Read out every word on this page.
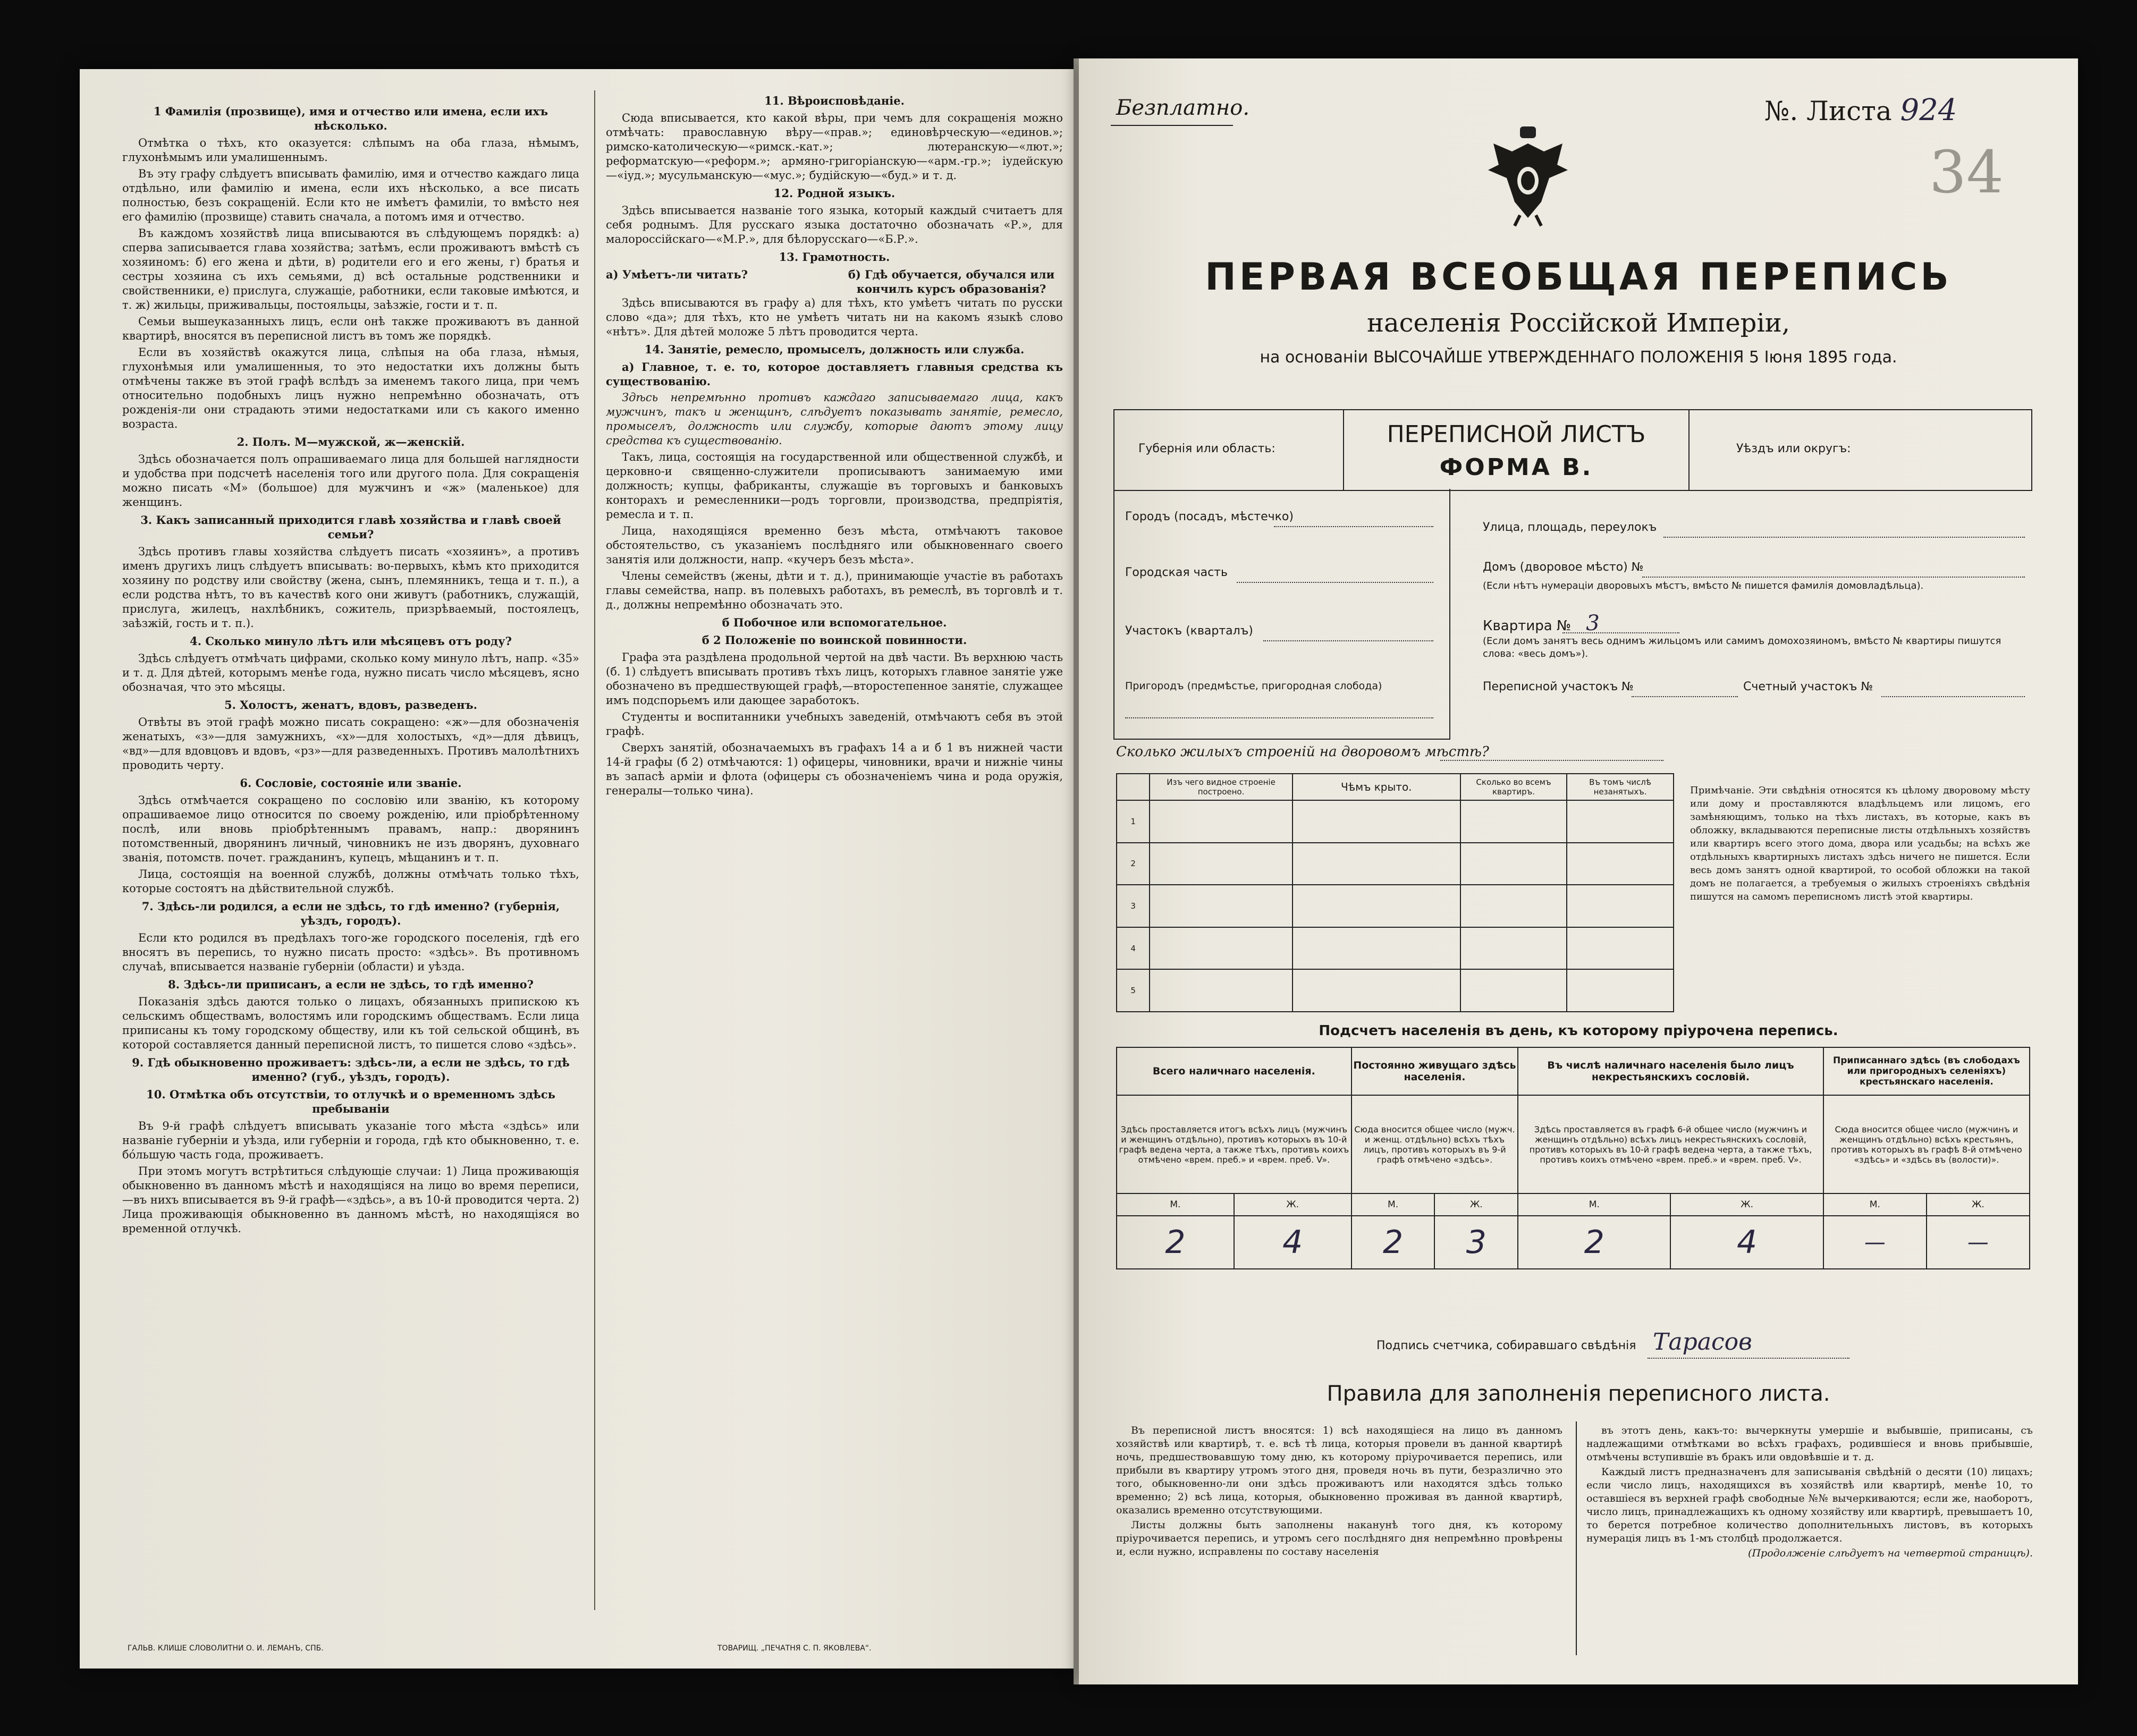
1 Фамилія (прозвище), имя и отчество или имена, если ихъ нѣсколько.

Отмѣтка о тѣхъ, кто оказуется: слѣпымъ на оба глаза, нѣмымъ, глухонѣмымъ или умалишеннымъ.

Въ эту графу слѣдуетъ вписывать фамилію, имя и отчество каждаго лица отдѣльно, или фамилію и имена, если ихъ нѣсколько, а все писать полностью, безъ сокращеній. Если кто не имѣетъ фамиліи, то вмѣсто нея его фамилію (прозвище) ставить сначала, а потомъ имя и отчество.

Въ каждомъ хозяйствѣ лица вписываются въ слѣдующемъ порядкѣ: а) сперва записывается глава хозяйства; затѣмъ, если проживаютъ вмѣстѣ съ хозяиномъ: б) его жена и дѣти, в) родители его и его жены, г) братья и сестры хозяина съ ихъ семьями, д) всѣ остальные родственники и свойственники, е) прислуга, служащіе, работники, если таковые имѣются, и т. ж) жильцы, приживальцы, постояльцы, заѣзжіе, гости и т. п.

Семьи вышеуказанныхъ лицъ, если онѣ также проживаютъ въ данной квартирѣ, вносятся въ переписной листъ въ томъ же порядкѣ.

Если въ хозяйствѣ окажутся лица, слѣпыя на оба глаза, нѣмыя, глухонѣмыя или умалишенныя, то это недостатки ихъ должны быть отмѣчены также въ этой графѣ вслѣдъ за именемъ такого лица, при чемъ относительно подобныхъ лицъ нужно непремѣнно обозначать, отъ рожденія-ли они страдають этими недостатками или съ какого именно возраста.

2. Полъ. М—мужской, ж—женскій.

Здѣсь обозначается полъ опрашиваемаго лица для большей наглядности и удобства при подсчетѣ населенія того или другого пола. Для сокращенія можно писать «М» (большое) для мужчинъ и «ж» (маленькое) для женщинъ.

3. Какъ записанный приходится главѣ хозяйства и главѣ своей семьи?

Здѣсь противъ главы хозяйства слѣдуетъ писать «хозяинъ», а противъ именъ другихъ лицъ слѣдуетъ вписывать: во-первыхъ, кѣмъ кто приходится хозяину по родству или свойству (жена, сынъ, племянникъ, теща и т. п.), а если родства нѣтъ, то въ качествѣ кого они живутъ (работникъ, служащій, прислуга, жилецъ, нахлѣбникъ, сожитель, призрѣваемый, постоялецъ, заѣзжій, гость и т. п.).

4. Сколько минуло лѣтъ или мѣсяцевъ отъ роду?

Здѣсь слѣдуетъ отмѣчать цифрами, сколько кому минуло лѣтъ, напр. «35» и т. д. Для дѣтей, которымъ менѣе года, нужно писать число мѣсяцевъ, ясно обозначая, что это мѣсяцы.

5. Холостъ, женатъ, вдовъ, разведенъ.

Отвѣты въ этой графѣ можно писать сокращено: «ж»—для обозначенія женатыхъ, «з»—для замужнихъ, «х»—для холостыхъ, «д»—для дѣвицъ, «вд»—для вдовцовъ и вдовъ, «рз»—для разведенныхъ. Противъ малолѣтнихъ проводить черту.

6. Сословіе, состояніе или званіе.

Здѣсь отмѣчается сокращено по сословію или званію, къ которому опрашиваемое лицо относится по своему рожденію, или пріобрѣтенному послѣ, или вновь пріобрѣтеннымъ правамъ, напр.: дворянинъ потомственный, дворянинъ личный, чиновникъ не изъ дворянъ, духовнаго званія, потомств. почет. гражданинъ, купецъ, мѣщанинъ и т. п.

Лица, состоящія на военной службѣ, должны отмѣчать только тѣхъ, которые состоятъ на дѣйствительной службѣ.

7. Здѣсь-ли родился, а если не здѣсь, то гдѣ именно? (губернія, уѣздъ, городъ).

Если кто родился въ предѣлахъ того-же городского поселенія, гдѣ его вносятъ въ перепись, то нужно писать просто: «здѣсь». Въ противномъ случаѣ, вписывается названіе губерніи (области) и уѣзда.

8. Здѣсь-ли приписанъ, а если не здѣсь, то гдѣ именно?

Показанія здѣсь даются только о лицахъ, обязанныхъ припискою къ сельскимъ обществамъ, волостямъ или городскимъ обществамъ. Если лица приписаны къ тому городскому обществу, или къ той сельской общинѣ, въ которой составляется данный переписной листъ, то пишется слово «здѣсь».

9. Гдѣ обыкновенно проживаетъ: здѣсь-ли, а если не здѣсь, то гдѣ именно? (губ., уѣздъ, городъ).
10. Отмѣтка объ отсутствіи, то отлучкѣ и о временномъ здѣсь пребываніи

Въ 9-й графѣ слѣдуетъ вписывать указаніе того мѣста «здѣсь» или названіе губерніи и уѣзда, или губерніи и города, гдѣ кто обыкновенно, т. е. бóльшую часть года, проживаетъ.

При этомъ могутъ встрѣтиться слѣдующіе случаи: 1) Лица проживающія обыкновенно въ данномъ мѣстѣ и находящіяся на лицо во время переписи,—въ нихъ вписывается въ 9-й графѣ—«здѣсь», а въ 10-й проводится черта. 2) Лица проживающія обыкновенно въ данномъ мѣстѣ, но находящіяся во временной отлучкѣ.

11. Вѣроисповѣданіе.

Сюда вписывается, кто какой вѣры, при чемъ для сокращенія можно отмѣчать: православную вѣру—«прав.»; единовѣрческую—«единов.»; римско-католическую—«римск.-кат.»; лютеранскую—«лют.»; реформатскую—«реформ.»; армяно-григоріанскую—«арм.-гр.»; іудейскую—«іуд.»; мусульманскую—«мус.»; будійскую—«буд.» и т. д.

12. Родной языкъ.

Здѣсь вписывается названіе того языка, который каждый считаетъ для себя роднымъ. Для русскаго языка достаточно обозначать «Р.», для малороссійскаго—«М.Р.», для бѣлорусскаго—«Б.Р.».

13. Грамотность.
а) Умѣетъ-ли читать?	б) Гдѣ обучается, обучался или кончилъ курсъ образованія?

Здѣсь вписываются въ графу а) для тѣхъ, кто умѣетъ читать по русски слово «да»; для тѣхъ, кто не умѣетъ читать ни на какомъ языкѣ слово «нѣтъ». Для дѣтей моложе 5 лѣтъ проводится черта.

14. Занятіе, ремесло, промыселъ, должность или служба.

а) Главное, т. е. то, которое доставляетъ главныя средства къ существованію.

Здѣсь непремѣнно противъ каждаго записываемаго лица, какъ мужчинъ, такъ и женщинъ, слѣдуетъ показывать занятіе, ремесло, промыселъ, должность или службу, которые даютъ этому лицу средства къ существованію.

Такъ, лица, состоящія на государственной или общественной службѣ, и церковно-и священно-служители прописываютъ занимаемую ими должность; купцы, фабриканты, служащіе въ торговыхъ и банковыхъ конторахъ и ремесленники—родъ торговли, производства, предпріятія, ремесла и т. п.

Лица, находящіяся временно безъ мѣста, отмѣчаютъ таковое обстоятельство, съ указаніемъ послѣдняго или обыкновеннаго своего занятія или должности, напр. «кучеръ безъ мѣста».

Члены семействъ (жены, дѣти и т. д.), принимающіе участіе въ работахъ главы семейства, напр. въ полевыхъ работахъ, въ ремеслѣ, въ торговлѣ и т. д., должны непремѣнно обозначать это.

б Побочное или вспомогательное.
б 2 Положеніе по воинской повинности.

Графа эта раздѣлена продольной чертой на двѣ части. Въ верхнюю часть (б. 1) слѣдуетъ вписывать противъ тѣхъ лицъ, которыхъ главное занятіе уже обозначено въ предшествующей графѣ,—второстепенное занятіе, служащее имъ подспорьемъ или дающее заработокъ.

Студенты и воспитанники учебныхъ заведеній, отмѣчаютъ себя въ этой графѣ.

Сверхъ занятій, обозначаемыхъ въ графахъ 14 а и б 1 въ нижней части 14-й графы (б 2) отмѣчаются: 1) офицеры, чиновники, врачи и нижніе чины въ запасѣ армiи и флота (офицеры съ обозначеніемъ чина и рода оружія, генералы—только чина).

ГАЛЬВ. КЛИШЕ СЛОВОЛИТНИ О. И. ЛЕМАНЪ, СПБ.	ТОВАРИЩ. „ПЕЧАТНЯ С. П. ЯКОВЛЕВА“.
Безплатно.	№. Листа 924
34
ПЕРВАЯ ВСЕОБЩАЯ ПЕРЕПИСЬ
населенія Россійской Имперіи,
на основаніи ВЫСОЧАЙШЕ УТВЕРЖДЕННАГО ПОЛОЖЕНІЯ 5 Іюня 1895 года.
Губернія или область:
ПЕРЕПИСНОЙ ЛИСТЪ
ФОРМА В.
Уѣздъ или округъ:
Городъ (посадъ, мѣстечко)
Городская часть
Участокъ (кварталъ)
Пригородъ (предмѣстье, пригородная слобода)
Улица, площадь, переулокъ
Домъ (дворовое мѣсто) №
(Если нѣтъ нумераціи дворовыхъ мѣстъ, вмѣсто № пишется фамилія домовладѣльца).
Квартира № 3
(Если домъ занятъ весь однимъ жильцомъ или самимъ домохозяиномъ, вмѣсто № квартиры пишутся слова: «весь домъ»).
Переписной участокъ №	Счетный участокъ №
Сколько жилыхъ строеній на дворовомъ мѣстѣ?
	Изъ чего видное строеніе построено.	Чѣмъ крыто.	Сколько во всемъ квартиръ.	Въ томъ числѣ незанятыхъ.
1				
2				
3				
4				
5				
Примѣчаніе. Эти свѣдѣнія относятся къ цѣлому дворовому мѣсту или дому и проставляются владѣльцемъ или лицомъ, его замѣняющимъ, только на тѣхъ листахъ, въ которые, какъ въ обложку, вкладываются переписные листы отдѣльныхъ хозяйствъ или квартиръ всего этого дома, двора или усадьбы; на всѣхъ же отдѣльныхъ квартирныхъ листахъ здѣсь ничего не пишется. Если весь домъ занятъ одной квартирой, то особой обложки на такой домъ не полагается, а требуемыя о жилыхъ строеніяхъ свѣдѣнія пишутся на самомъ переписномъ листѣ этой квартиры.
Подсчетъ населенія въ день, къ которому пріурочена перепись.
Всего наличнаго населенія.		Постоянно живущаго здѣсь населенія.		Въ числѣ наличнаго населенія было лицъ некрестьянскихъ сословій.		Приписаннаго здѣсь (въ слободахъ или пригородныхъ селеніяхъ) крестьянскаго населенія.	
Здѣсь проставляется итогъ всѣхъ лицъ (мужчинъ и женщинъ отдѣльно), противъ которыхъ въ 10-й графѣ ведена черта, а также тѣхъ, противъ коихъ отмѣчено «врем. преб.» и «врем. преб. V».		Сюда вносится общее число (мужч. и женщ. отдѣльно) всѣхъ тѣхъ лицъ, противъ которыхъ въ 9-й графѣ отмѣчено «здѣсь».		Здѣсь проставляется въ графѣ 6-й общее число (мужчинъ и женщинъ отдѣльно) всѣхъ лицъ некрестьянскихъ сословій, противъ которыхъ въ 10-й графѣ ведена черта, а также тѣхъ, противъ коихъ отмѣчено «врем. преб.» и «врем. преб. V».		Сюда вносится общее число (мужчинъ и женщинъ отдѣльно) всѣхъ крестьянъ, противъ которыхъ въ графѣ 8-й отмѣчено «здѣсь» и «здѣсь въ (волости)».	
М.	Ж.	М.	Ж.	М.	Ж.	М.	Ж.
2	4	2	3	2	4	—	—
Подпись счетчика, собиравшаго свѣдѣнія Тарасов
Правила для заполненія переписного листа.

Въ переписной листъ вносятся: 1) всѣ находящіеся на лицо въ данномъ хозяйствѣ или квартирѣ, т. е. всѣ тѣ лица, которыя провели въ данной квартирѣ ночь, предшествовавшую тому дню, къ которому пріурочивается перепись, или прибыли въ квартиру утромъ этого дня, проведя ночь въ пути, безразлично это того, обыкновенно-ли они здѣсь проживаютъ или находятся здѣсь только временно; 2) всѣ лица, которыя, обыкновенно проживая въ данной квартирѣ, оказались временно отсутствующими.

Листы должны быть заполнены наканунѣ того дня, къ которому пріурочивается перепись, и утромъ сего послѣдняго дня непремѣнно провѣрены и, если нужно, исправлены по составу населенія

въ этотъ день, какъ-то: вычеркнуты умершіе и выбывшіе, приписаны, съ надлежащими отмѣтками во всѣхъ графахъ, родившіеся и вновь прибывшіе, отмѣчены вступившіе въ бракъ или овдовѣвшіе и т. д.

Каждый листъ предназначенъ для записыванія свѣдѣній о десяти (10) лицахъ; если число лицъ, находящихся въ хозяйствѣ или квартирѣ, менѣе 10, то оставшіеся въ верхней графѣ свободные №№ вычеркиваются; если же, наоборотъ, число лицъ, принадлежащихъ къ одному хозяйству или квартирѣ, превышаетъ 10, то берется потребное количество дополнительныхъ листовъ, въ которыхъ нумерація лицъ въ 1-мъ столбцѣ продолжается.

(Продолженіе слѣдуетъ на четвертой страницѣ).
